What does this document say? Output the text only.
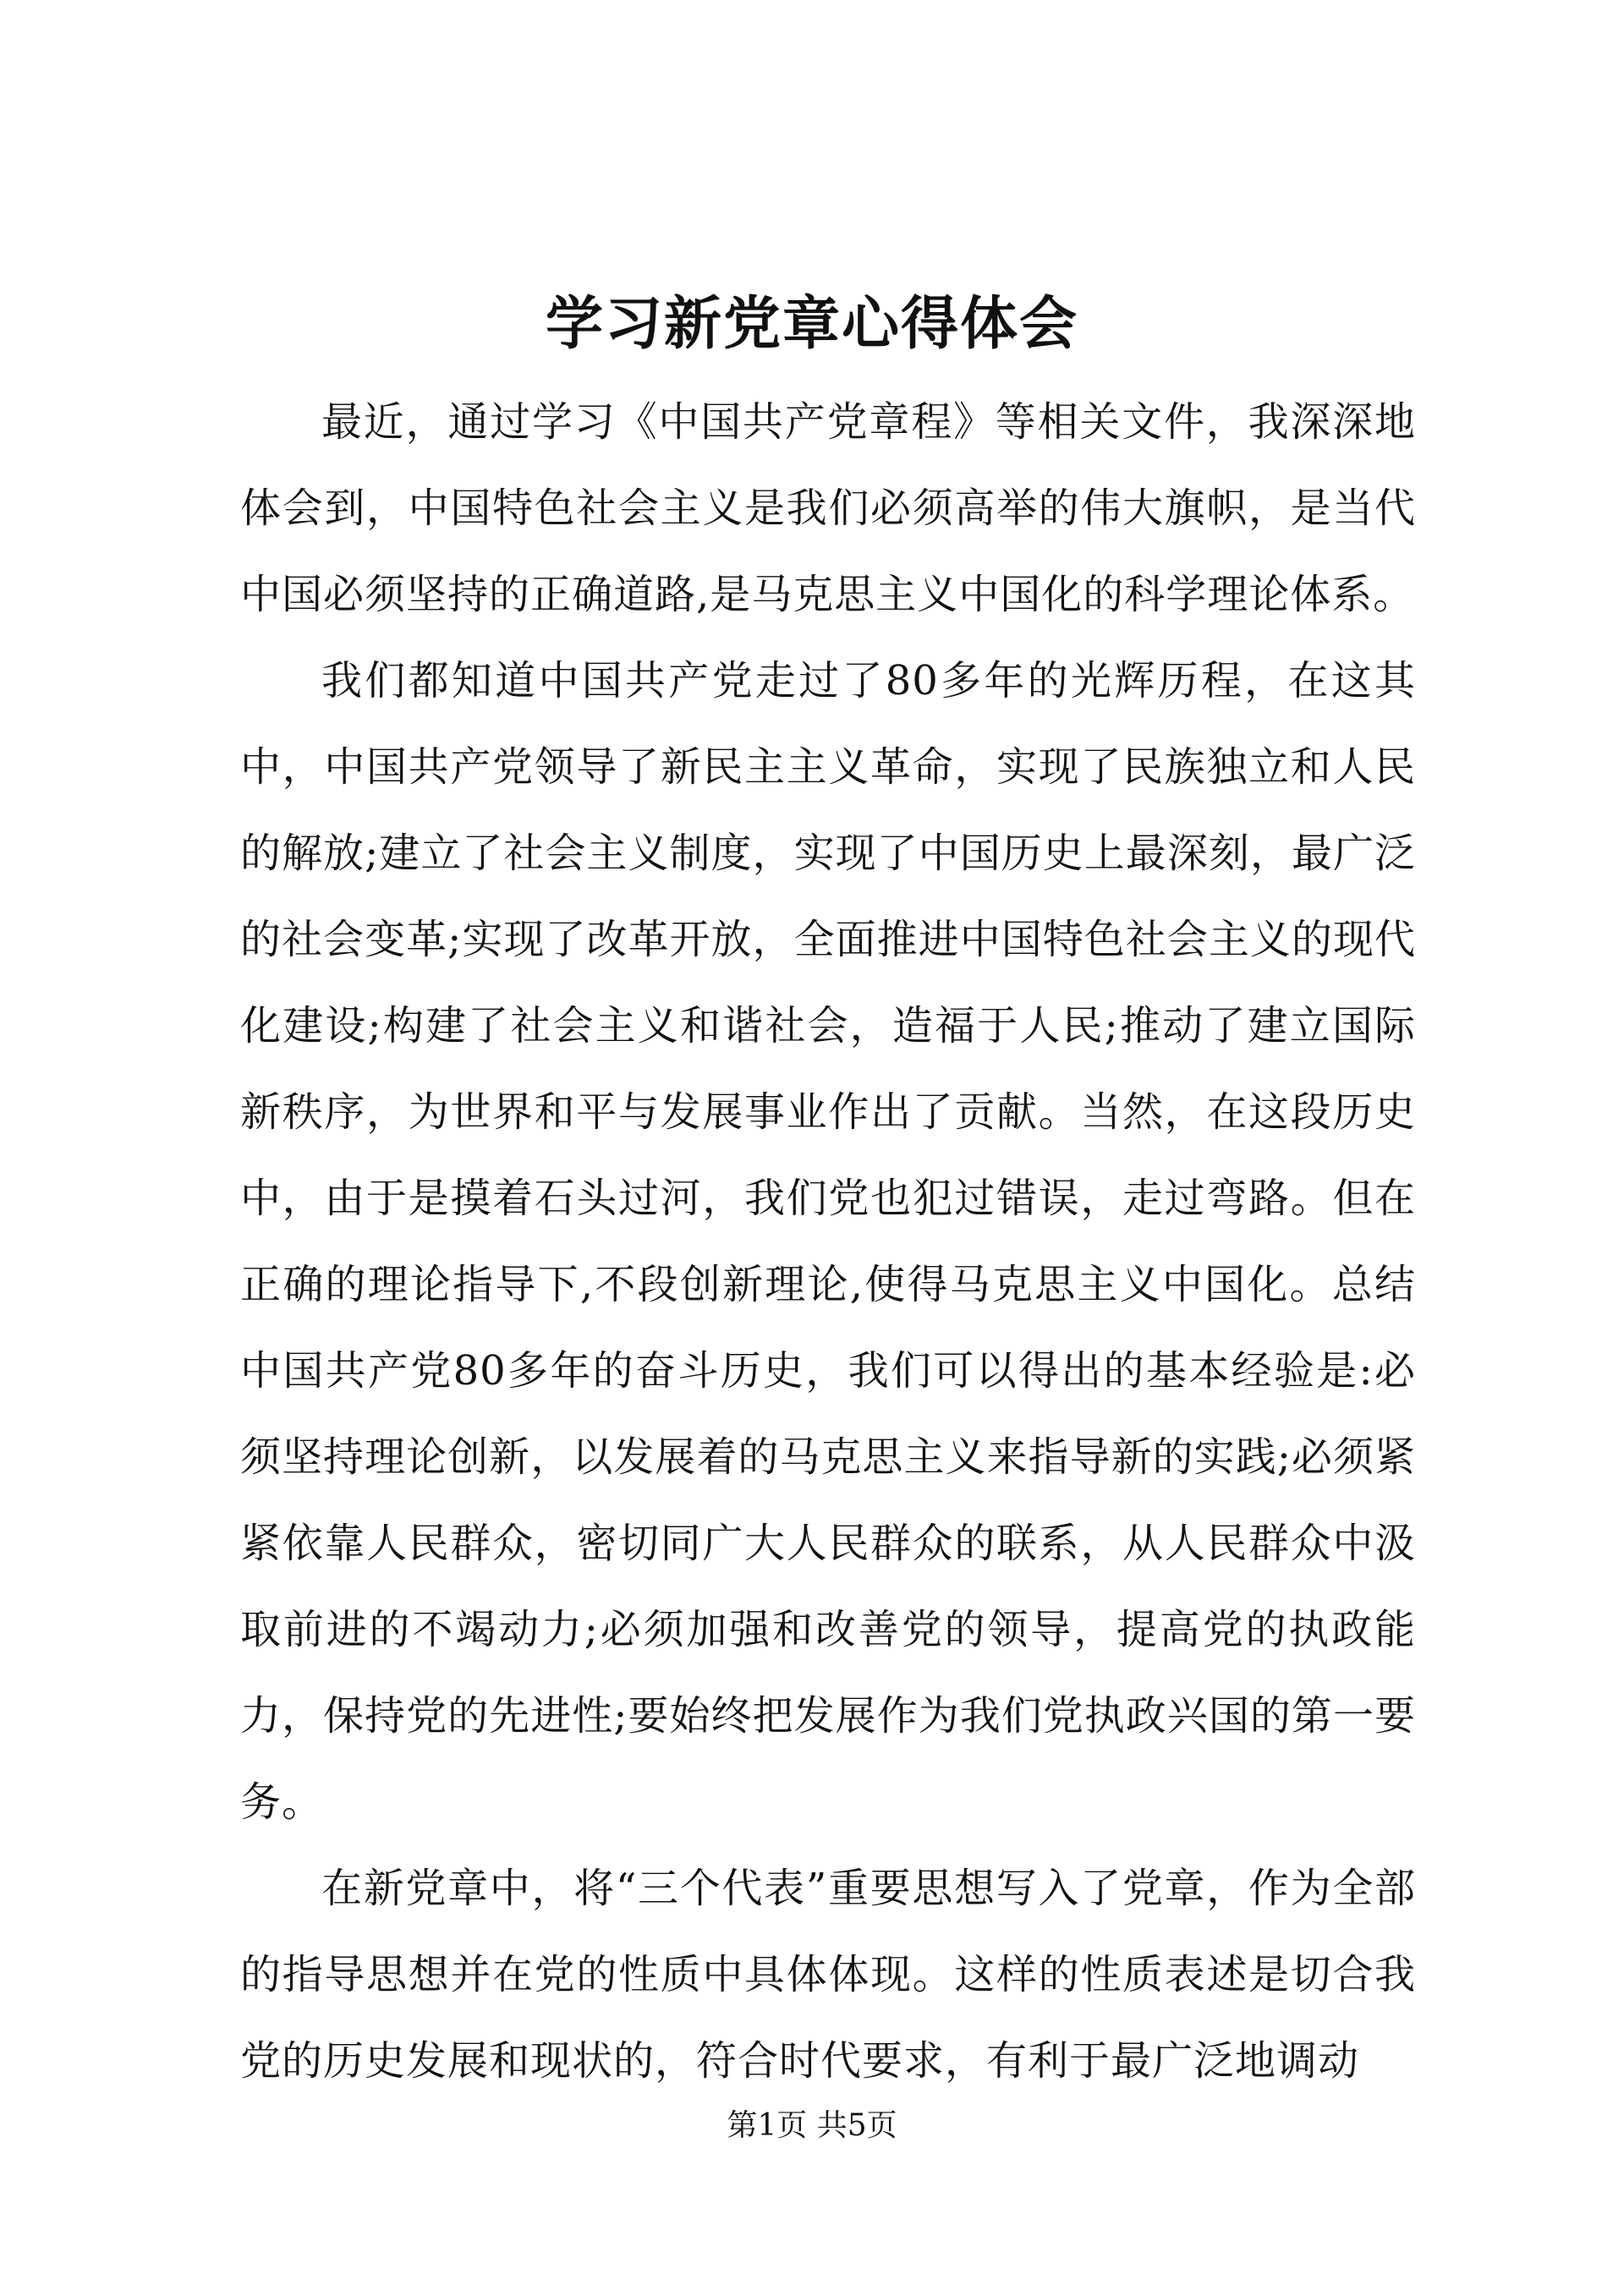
学习新党章心得体会

最近，通过学习《中国共产党章程》等相关文件，我深深地体会到，中国特色社会主义是我们必须高举的伟大旗帜，是当代中国必须坚持的正确道路,是马克思主义中国化的科学理论体系。

我们都知道中国共产党走过了80多年的光辉历程，在这其中，中国共产党领导了新民主主义革命，实现了民族独立和人民的解放;建立了社会主义制度，实现了中国历史上最深刻，最广泛的社会变革;实现了改革开放，全面推进中国特色社会主义的现代化建设;构建了社会主义和谐社会，造福于人民;推动了建立国际新秩序，为世界和平与发展事业作出了贡献。当然，在这段历史中，由于是摸着石头过河，我们党也犯过错误，走过弯路。但在正确的理论指导下,不段创新理论,使得马克思主义中国化。总结中国共产党80多年的奋斗历史，我们可以得出的基本经验是:必须坚持理论创新，以发展着的马克思主义来指导新的实践;必须紧紧依靠人民群众，密切同广大人民群众的联系，从人民群众中汲取前进的不竭动力;必须加强和改善党的领导，提高党的执政能力，保持党的先进性;要始终把发展作为我们党执政兴国的第一要务。

在新党章中，将“三个代表”重要思想写入了党章，作为全部的指导思想并在党的性质中具体体现。这样的性质表述是切合我党的历史发展和现状的，符合时代要求，有利于最广泛地调动

第1页 共5页
